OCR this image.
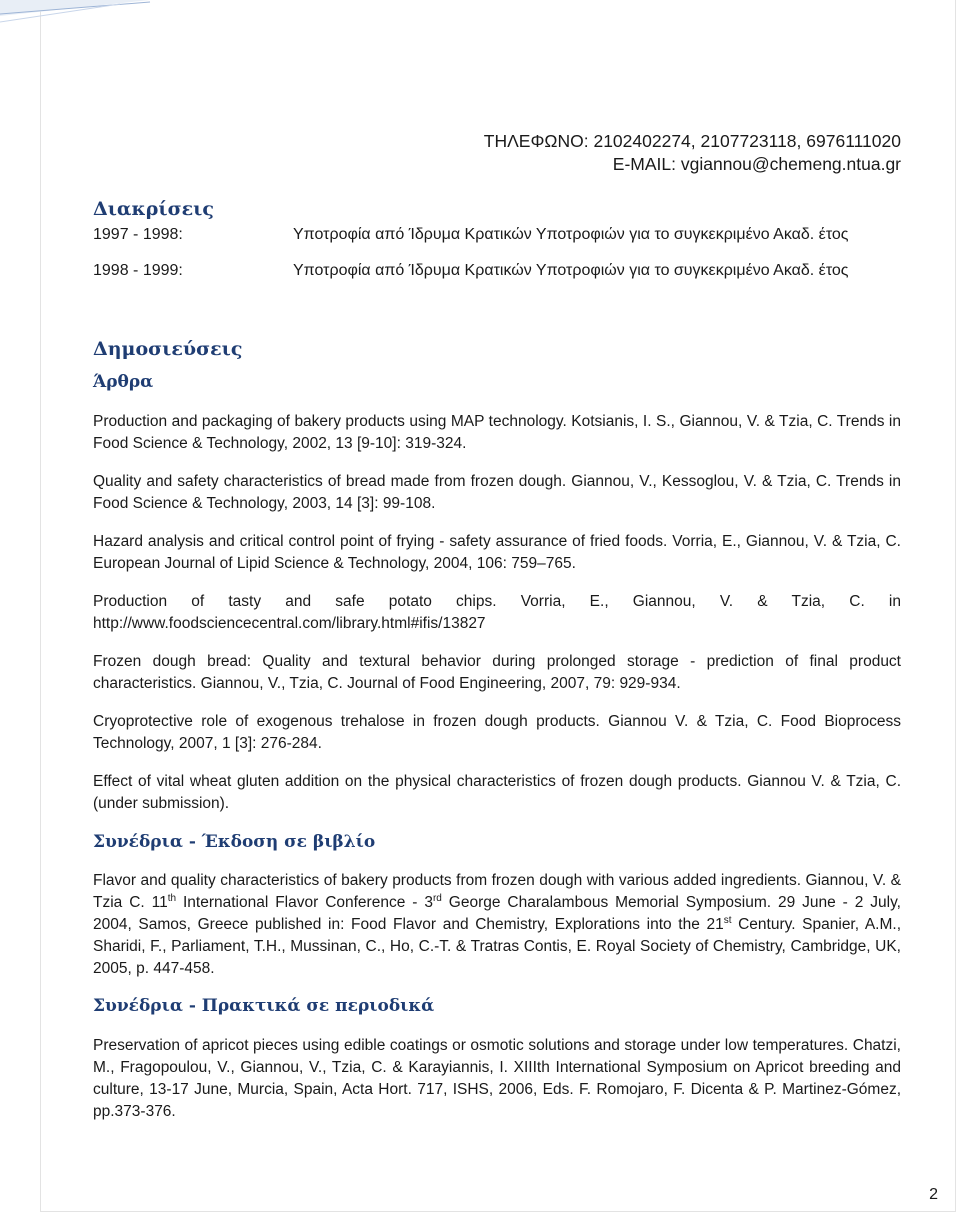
ΤΗΛΕΦΩΝΟ: 2102402274, 2107723118, 6976111020
E-MAIL: vgiannou@chemeng.ntua.gr
Διακρίσεις
1997 - 1998:	Υποτροφία από Ίδρυμα Κρατικών Υποτροφιών για το συγκεκριμένο Ακαδ. έτος
1998 - 1999:	Υποτροφία από Ίδρυμα Κρατικών Υποτροφιών για το συγκεκριμένο Ακαδ. έτος
Δημοσιεύσεις
Άρθρα

Production and packaging of bakery products using MAP technology. Kotsianis, I. S., Giannou, V. & Tzia, C. Trends in Food Science & Technology, 2002, 13 [9-10]: 319-324.

Quality and safety characteristics of bread made from frozen dough. Giannou, V., Kessoglou, V. & Tzia, C. Trends in Food Science & Technology, 2003, 14 [3]: 99-108.

Hazard analysis and critical control point of frying - safety assurance of fried foods. Vorria, E., Giannou, V. & Tzia, C. European Journal of Lipid Science & Technology, 2004, 106: 759–765.

Production of tasty and safe potato chips. Vorria, E., Giannou, V. & Tzia, C. in http://www.foodsciencecentral.com/library.html#ifis/13827

Frozen dough bread: Quality and textural behavior during prolonged storage - prediction of final product characteristics. Giannou, V., Tzia, C. Journal of Food Engineering, 2007, 79: 929-934.

Cryoprotective role of exogenous trehalose in frozen dough products. Giannou V. & Tzia, C. Food Bioprocess Technology, 2007, 1 [3]: 276-284.

Effect of vital wheat gluten addition on the physical characteristics of frozen dough products. Giannou V. & Tzia, C. (under submission).

Συνέδρια - Έκδοση σε βιβλίο

Flavor and quality characteristics of bakery products from frozen dough with various added ingredients. Giannou, V. & Tzia C. 11th International Flavor Conference - 3rd George Charalambous Memorial Symposium. 29 June - 2 July, 2004, Samos, Greece published in: Food Flavor and Chemistry, Explorations into the 21st Century. Spanier, A.M., Sharidi, F., Parliament, T.H., Mussinan, C., Ho, C.-T. & Tratras Contis, E. Royal Society of Chemistry, Cambridge, UK, 2005, p. 447-458.

Συνέδρια - Πρακτικά σε περιοδικά

Preservation of apricot pieces using edible coatings or osmotic solutions and storage under low temperatures. Chatzi, M., Fragopoulou, V., Giannou, V., Tzia, C. & Karayiannis, I. XIIIth International Symposium on Apricot breeding and culture, 13-17 June, Murcia, Spain, Acta Hort. 717, ISHS, 2006, Eds. F. Romojaro, F. Dicenta & P. Martinez-Gómez, pp.373-376.

2
